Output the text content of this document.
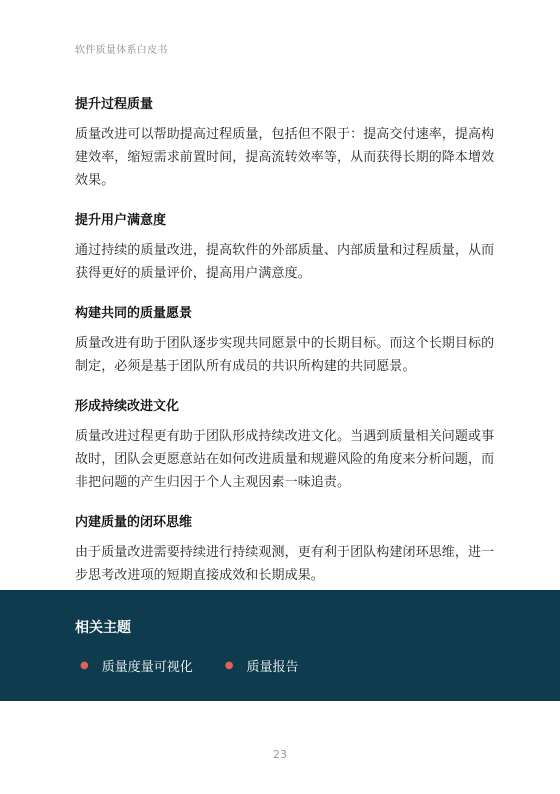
软件质量体系白皮书
提升过程质量

质量改进可以帮助提高过程质量，包括但不限于：提高交付速率，提高构建效率，缩短需求前置时间，提高流转效率等，从而获得长期的降本增效效果。

提升用户满意度

通过持续的质量改进，提高软件的外部质量、内部质量和过程质量，从而获得更好的质量评价，提高用户满意度。

构建共同的质量愿景

质量改进有助于团队逐步实现共同愿景中的长期目标。而这个长期目标的制定，必须是基于团队所有成员的共识所构建的共同愿景。

形成持续改进文化

质量改进过程更有助于团队形成持续改进文化。当遇到质量相关问题或事故时，团队会更愿意站在如何改进质量和规避风险的角度来分析问题，而非把问题的产生归因于个人主观因素一味追责。

内建质量的闭环思维

由于质量改进需要持续进行持续观测，更有利于团队构建闭环思维，进一步思考改进项的短期直接成效和长期成果。

相关主题
● 质量度量可视化	● 质量报告
23
